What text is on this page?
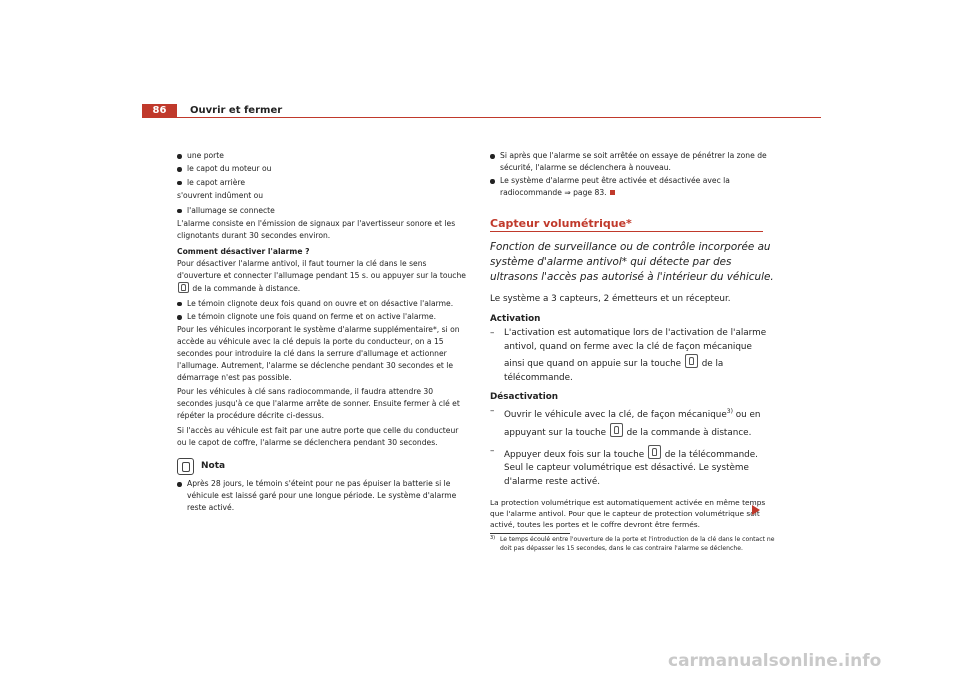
86	Ouvrir et fermer
une porte
le capot du moteur ou
le capot arrière

s'ouvrent indûment ou

l'allumage se connecte

L'alarme consiste en l'émission de signaux par l'avertisseur sonore et les clignotants durant 30 secondes environ.

Comment désactiver l'alarme ?

Pour désactiver l'alarme antivol, il faut tourner la clé dans le sens d'ouverture et connecter l'allumage pendant 15 s. ou appuyer sur la touche  de la commande à distance.

Le témoin clignote deux fois quand on ouvre et on désactive l'alarme.
Le témoin clignote une fois quand on ferme et on active l'alarme.

Pour les véhicules incorporant le système d'alarme supplémentaire*, si on accède au véhicule avec la clé depuis la porte du conducteur, on a 15 secondes pour introduire la clé dans la serrure d'allumage et actionner l'allumage. Autrement, l'alarme se déclenche pendant 30 secondes et le démarrage n'est pas possible.

Pour les véhicules à clé sans radiocommande, il faudra attendre 30 secondes jusqu'à ce que l'alarme arrête de sonner. Ensuite fermer à clé et répéter la procédure décrite ci-dessus.

Si l'accès au véhicule est fait par une autre porte que celle du conducteur ou le capot de coffre, l'alarme se déclenchera pendant 30 secondes.

Nota
Après 28 jours, le témoin s'éteint pour ne pas épuiser la batterie si le véhicule est laissé garé pour une longue période. Le système d'alarme reste activé.
Si après que l'alarme se soit arrêtée on essaye de pénétrer la zone de sécurité, l'alarme se déclenchera à nouveau.
Le système d'alarme peut être activée et désactivée avec la radiocommande ⇒ page 83.
Capteur volumétrique*
Fonction de surveillance ou de contrôle incorporée au système d'alarme antivol* qui détecte par des ultrasons l'accès pas autorisé à l'intérieur du véhicule.

Le système a 3 capteurs, 2 émetteurs et un récepteur.

Activation
– L'activation est automatique lors de l'activation de l'alarme antivol, quand on ferme avec la clé de façon mécanique ainsi que quand on appuie sur la touche de la télécommande.
Désactivation
– Ouvrir le véhicule avec la clé, de façon mécanique$^{3)}$ ou en appuyant sur la touche de la commande à distance.
– Appuyer deux fois sur la touche de la télécommande. Seul le capteur volumétrique est désactivé. Le système d'alarme reste activé.
La protection volumétrique est automatiquement activée en même temps que l'alarme antivol. Pour que le capteur de protection volumétrique soit activé, toutes les portes et le coffre devront être fermés.
3) Le temps écoulé entre l'ouverture de la porte et l'introduction de la clé dans le contact ne doit pas dépasser les 15 secondes, dans le cas contraire l'alarme se déclenche.
carmanualsonline.info
